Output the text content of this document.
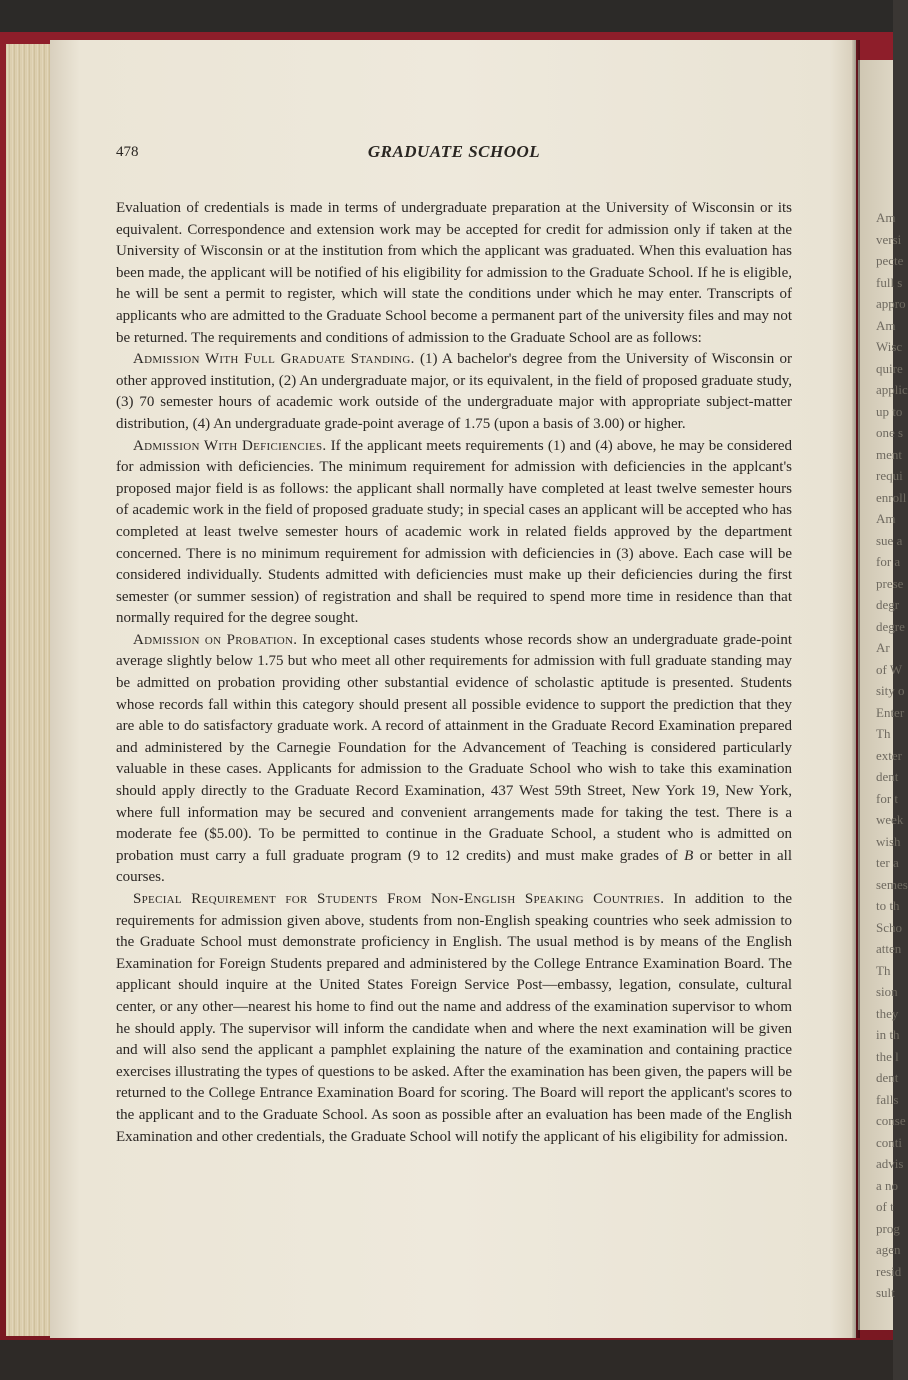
Am
versi
pecte
full s
appro
Am
Wisc
quire
applic
up to
one s
ment
requi
enroll
Am
sue a
for a
prese
degr
degre
Ar
of W
sity o
Enter
Th
exter
dent
for t
week
wish
ter a
semes
to th
Scho
atten
Th
sion
they
in th
the l
dent
falls
conse
conti
advis
a no
of t
prog
agen
resid
sult
478	GRADUATE SCHOOL

Evaluation of credentials is made in terms of undergraduate preparation at the University of Wisconsin or its equivalent. Correspondence and extension work may be accepted for credit for admission only if taken at the University of Wisconsin or at the institution from which the applicant was graduated. When this evaluation has been made, the applicant will be notified of his eligibility for admission to the Graduate School. If he is eligible, he will be sent a permit to register, which will state the conditions under which he may enter. Transcripts of applicants who are admitted to the Graduate School become a permanent part of the university files and may not be returned. The requirements and conditions of admission to the Graduate School are as follows:

Admission With Full Graduate Standing. (1) A bachelor's degree from the University of Wisconsin or other approved institution, (2) An undergraduate major, or its equivalent, in the field of proposed graduate study, (3) 70 semester hours of academic work outside of the undergraduate major with appropriate subject-matter distribution, (4) An undergraduate grade-point average of 1.75 (upon a basis of 3.00) or higher.

Admission With Deficiencies. If the applicant meets requirements (1) and (4) above, he may be considered for admission with deficiencies. The minimum requirement for admission with deficiencies in the applcant's proposed major field is as follows: the applicant shall normally have completed at least twelve semester hours of academic work in the field of proposed graduate study; in special cases an applicant will be accepted who has completed at least twelve semester hours of academic work in related fields approved by the department concerned. There is no minimum requirement for admission with deficiencies in (3) above. Each case will be considered individually. Students admitted with deficiencies must make up their deficiencies during the first semester (or summer session) of registration and shall be required to spend more time in residence than that normally required for the degree sought.

Admission on Probation. In exceptional cases students whose records show an undergraduate grade-point average slightly below 1.75 but who meet all other requirements for admission with full graduate standing may be admitted on probation providing other substantial evidence of scholastic aptitude is presented. Students whose records fall within this category should present all possible evidence to support the prediction that they are able to do satisfactory graduate work. A record of attainment in the Graduate Record Examination prepared and administered by the Carnegie Foundation for the Advancement of Teaching is considered particularly valuable in these cases. Applicants for admission to the Graduate School who wish to take this examination should apply directly to the Graduate Record Examination, 437 West 59th Street, New York 19, New York, where full information may be secured and convenient arrangements made for taking the test. There is a moderate fee ($5.00). To be permitted to continue in the Graduate School, a student who is admitted on probation must carry a full graduate program (9 to 12 credits) and must make grades of B or better in all courses.

Special Requirement for Students From Non-English Speaking Countries. In addition to the requirements for admission given above, students from non-English speaking countries who seek admission to the Graduate School must demonstrate proficiency in English. The usual method is by means of the English Examination for Foreign Students prepared and administered by the College Entrance Examination Board. The applicant should inquire at the United States Foreign Service Post—embassy, legation, consulate, cultural center, or any other—nearest his home to find out the name and address of the examination supervisor to whom he should apply. The supervisor will inform the candidate when and where the next examination will be given and will also send the applicant a pamphlet explaining the nature of the examination and containing practice exercises illustrating the types of questions to be asked. After the examination has been given, the papers will be returned to the College Entrance Examination Board for scoring. The Board will report the applicant's scores to the applicant and to the Graduate School. As soon as possible after an evaluation has been made of the English Examination and other credentials, the Graduate School will notify the applicant of his eligibility for admission.
